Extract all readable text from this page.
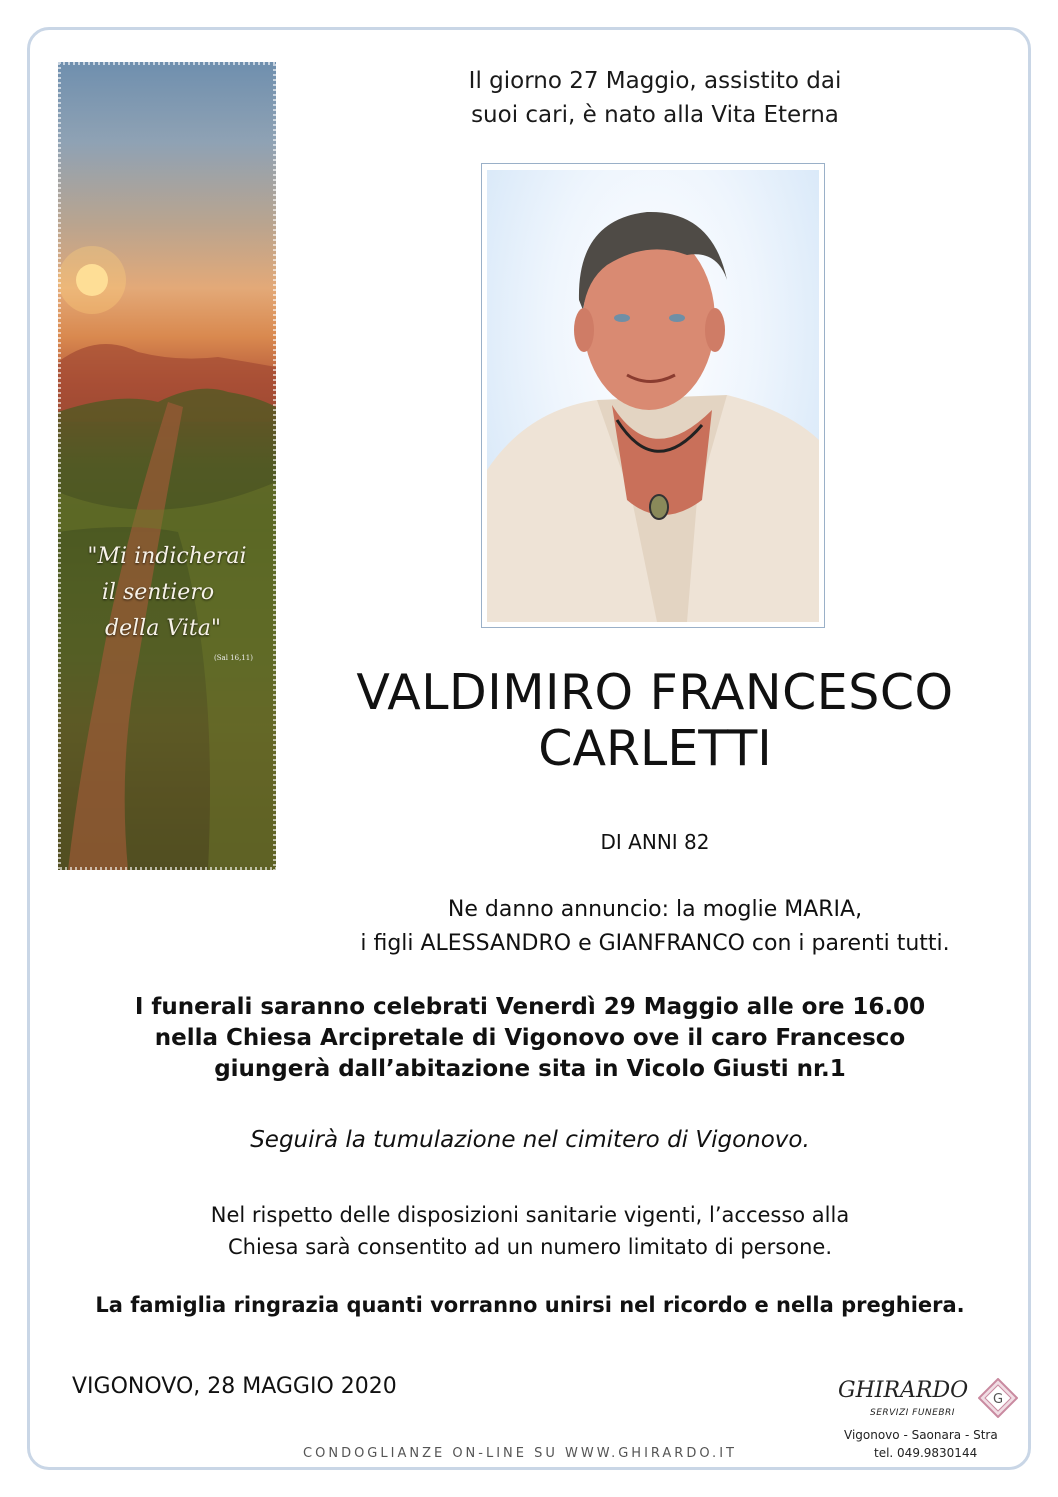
"Mi indicherai
il sentiero
della Vita"
(Sal 16,11)
Il giorno 27 Maggio, assistito dai
suoi cari, è nato alla Vita Eterna
VALDIMIRO FRANCESCO
CARLETTI
DI ANNI 82
Ne danno annuncio: la moglie MARIA,
i figli ALESSANDRO e GIANFRANCO con i parenti tutti.
I funerali saranno celebrati Venerdì 29 Maggio alle ore 16.00
nella Chiesa Arcipretale di Vigonovo ove il caro Francesco
giungerà dall’abitazione sita in Vicolo Giusti nr.1
Seguirà la tumulazione nel cimitero di Vigonovo.
Nel rispetto delle disposizioni sanitarie vigenti, l’accesso alla
Chiesa sarà consentito ad un numero limitato di persone.
La famiglia ringrazia quanti vorranno unirsi nel ricordo e nella preghiera.
VIGONOVO, 28 MAGGIO 2020
CONDOGLIANZE ON-LINE SU WWW.GHIRARDO.IT
GHIRARDO
SERVIZI FUNEBRI
G
Vigonovo - Saonara - Stra
tel. 049.9830144
